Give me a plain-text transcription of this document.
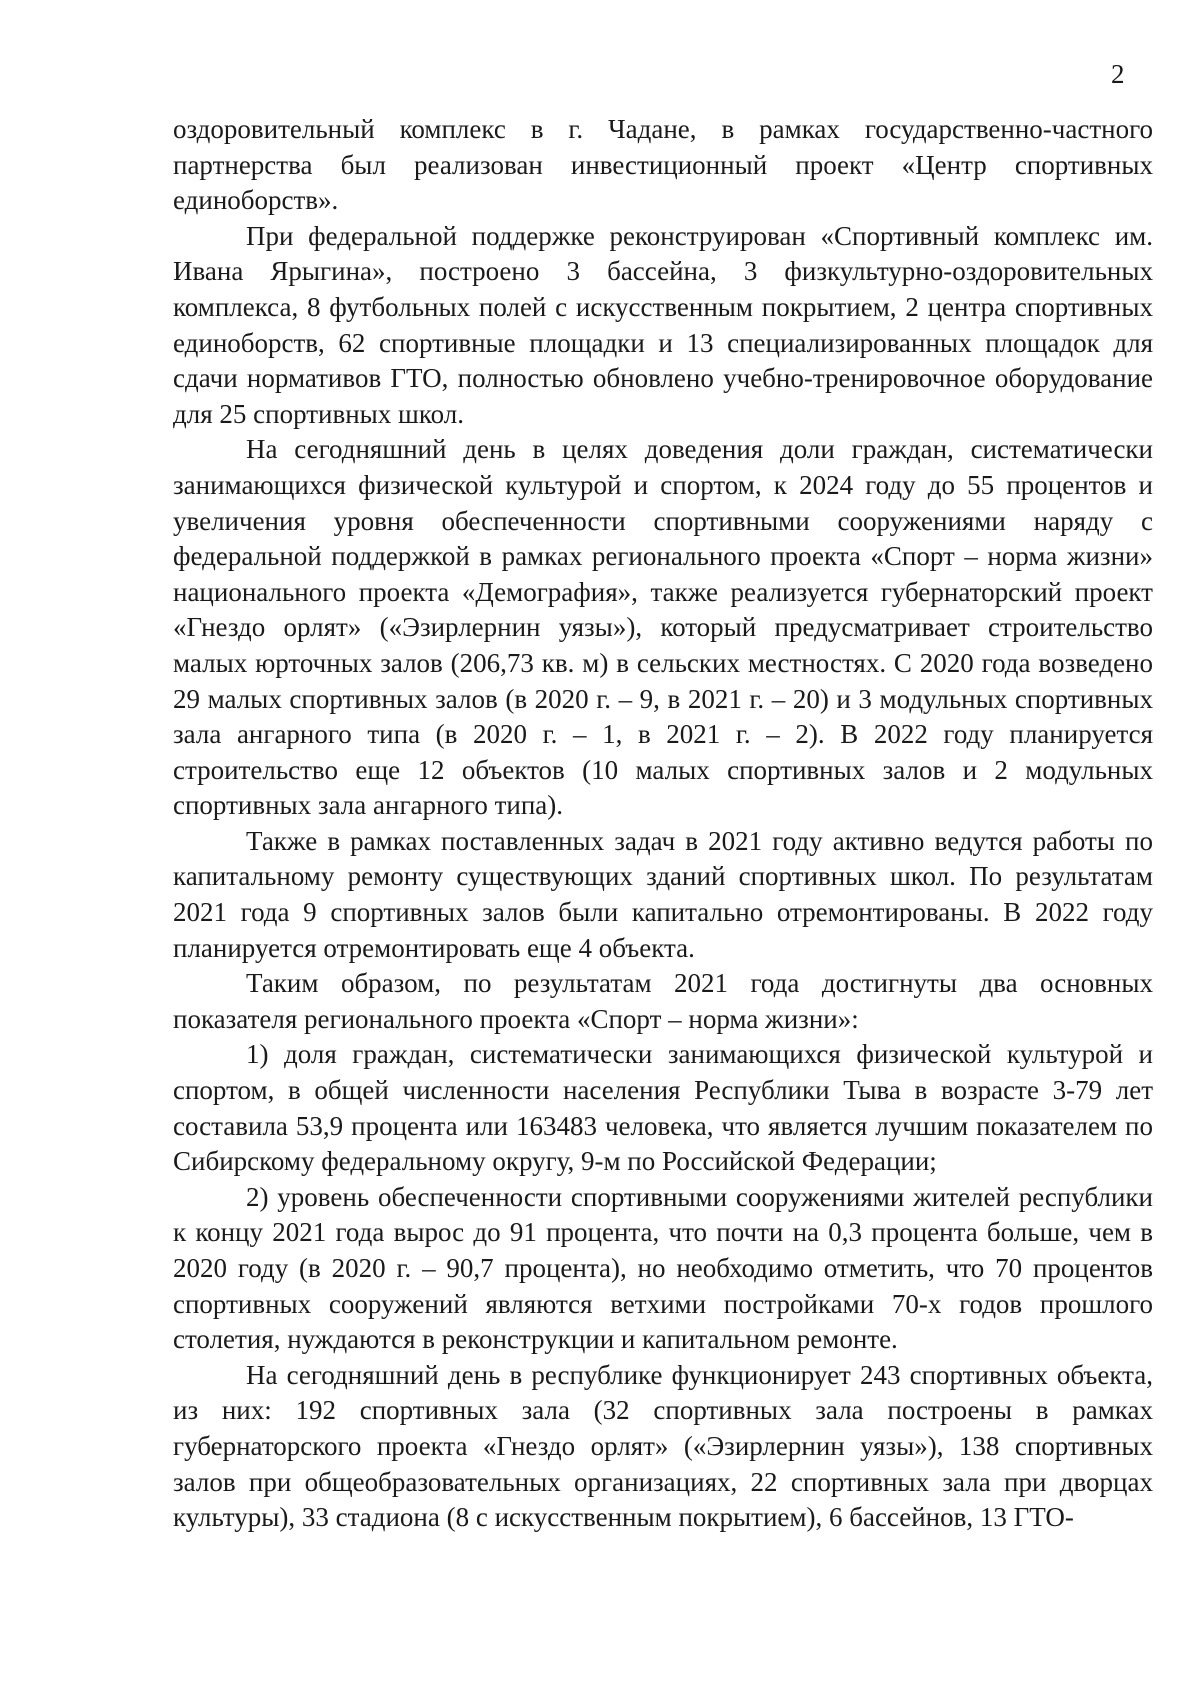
2

оздоровительный комплекс в г. Чадане, в рамках государственно-частного партнерства был реализован инвестиционный проект «Центр спортивных единоборств».

При федеральной поддержке реконструирован «Спортивный комплекс им. Ивана Ярыгина», построено 3 бассейна, 3 физкультурно-оздоровительных комплекса, 8 футбольных полей с искусственным покрытием, 2 центра спортивных единоборств, 62 спортивные площадки и 13 специализированных площадок для сдачи нормативов ГТО, полностью обновлено учебно-тренировочное оборудование для 25 спортивных школ.

На сегодняшний день в целях доведения доли граждан, систематически занимающихся физической культурой и спортом, к 2024 году до 55 процентов и увеличения уровня обеспеченности спортивными сооружениями наряду с федеральной поддержкой в рамках регионального проекта «Спорт – норма жизни» национального проекта «Демография», также реализуется губернаторский проект «Гнездо орлят» («Эзирлернин уязы»), который предусматривает строительство малых юрточных залов (206,73 кв. м) в сельских местностях. С 2020 года возведено 29 малых спортивных залов (в 2020 г. – 9, в 2021 г. – 20) и 3 модульных спортивных зала ангарного типа (в 2020 г. – 1, в 2021 г. – 2). В 2022 году планируется строительство еще 12 объектов (10 малых спортивных залов и 2 модульных спортивных зала ангарного типа).

Также в рамках поставленных задач в 2021 году активно ведутся работы по капитальному ремонту существующих зданий спортивных школ. По результатам 2021 года 9 спортивных залов были капитально отремонтированы. В 2022 году планируется отремонтировать еще 4 объекта.

Таким образом, по результатам 2021 года достигнуты два основных показателя регионального проекта «Спорт – норма жизни»:

1) доля граждан, систематически занимающихся физической культурой и спортом, в общей численности населения Республики Тыва в возрасте 3-79 лет составила 53,9 процента или 163483 человека, что является лучшим показателем по Сибирскому федеральному округу, 9-м по Российской Федерации;

2) уровень обеспеченности спортивными сооружениями жителей республики к концу 2021 года вырос до 91 процента, что почти на 0,3 процента больше, чем в 2020 году (в 2020 г. – 90,7 процента), но необходимо отметить, что 70 процентов спортивных сооружений являются ветхими постройками 70-х годов прошлого столетия, нуждаются в реконструкции и капитальном ремонте.

На сегодняшний день в республике функционирует 243 спортивных объекта, из них: 192 спортивных зала (32 спортивных зала построены в рамках губернаторского проекта «Гнездо орлят» («Эзирлернин уязы»), 138 спортивных залов при общеобразовательных организациях, 22 спортивных зала при дворцах культуры), 33 стадиона (8 с искусственным покрытием), 6 бассейнов, 13 ГТО-
